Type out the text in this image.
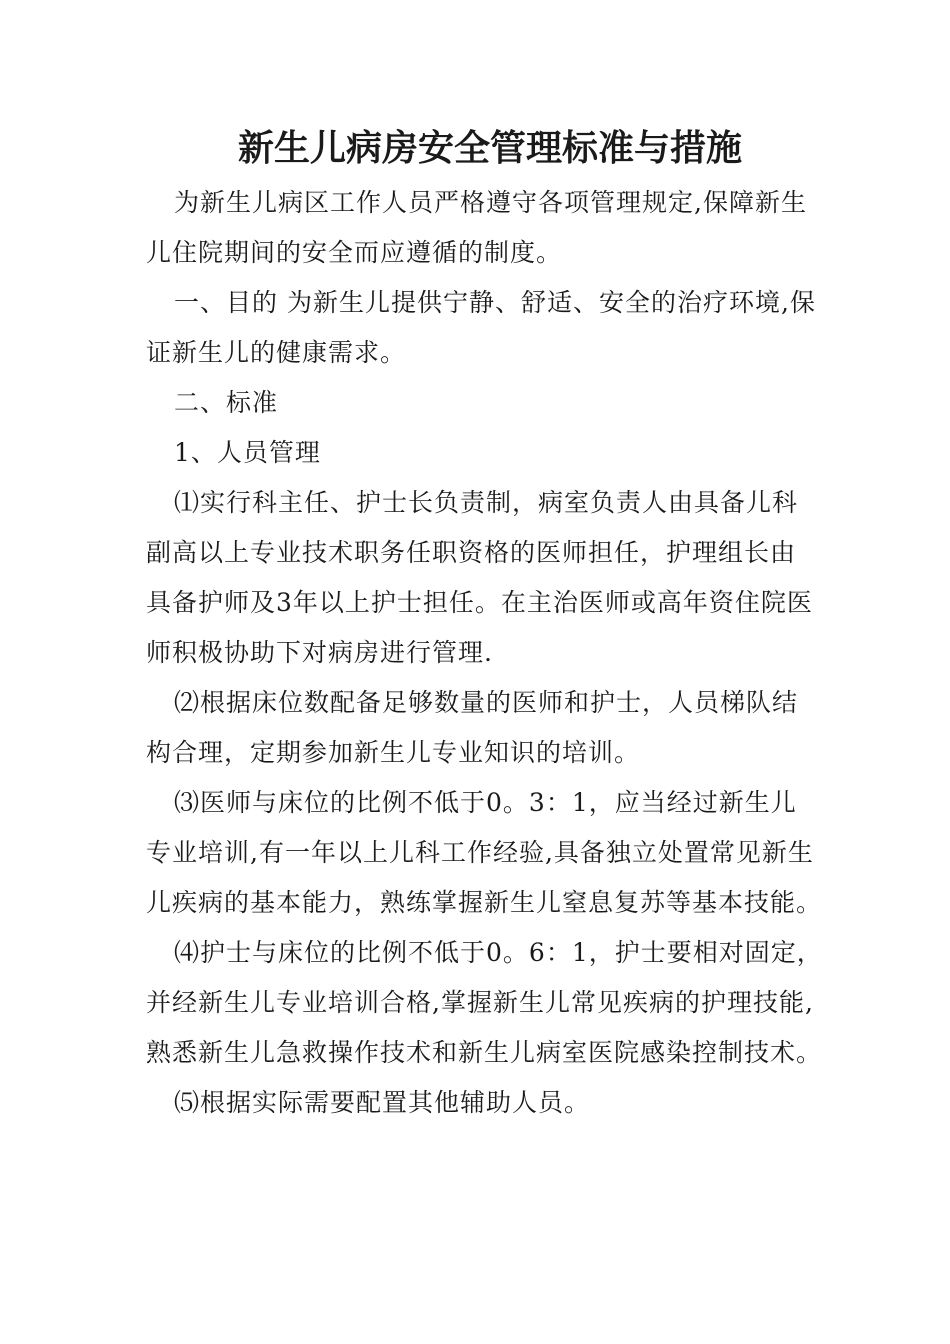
新生儿病房安全管理标准与措施

为新生儿病区工作人员严格遵守各项管理规定,保障新生
儿住院期间的安全而应遵循的制度。

一、目的 为新生儿提供宁静、舒适、安全的治疗环境,保
证新生儿的健康需求。

二、标准

1、人员管理

⑴实行科主任、护士长负责制，病室负责人由具备儿科
副高以上专业技术职务任职资格的医师担任，护理组长由
具备护师及3年以上护士担任。在主治医师或高年资住院医
师积极协助下对病房进行管理.

⑵根据床位数配备足够数量的医师和护士，人员梯队结
构合理，定期参加新生儿专业知识的培训。

⑶医师与床位的比例不低于0。3：1，应当经过新生儿
专业培训,有一年以上儿科工作经验,具备独立处置常见新生
儿疾病的基本能力，熟练掌握新生儿窒息复苏等基本技能。

⑷护士与床位的比例不低于0。6：1，护士要相对固定，
并经新生儿专业培训合格,掌握新生儿常见疾病的护理技能,
熟悉新生儿急救操作技术和新生儿病室医院感染控制技术。

⑸根据实际需要配置其他辅助人员。
